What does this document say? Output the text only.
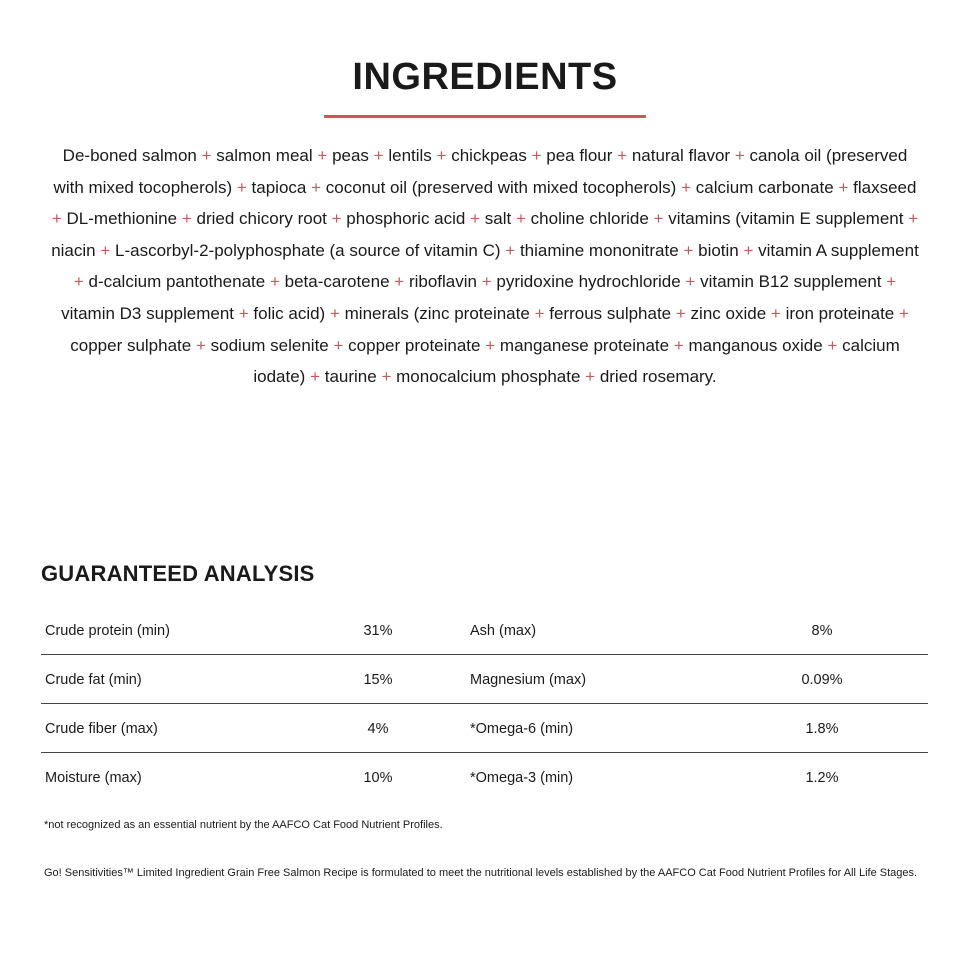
INGREDIENTS

De-boned salmon + salmon meal + peas + lentils + chickpeas + pea flour + natural flavor + canola oil (preserved with mixed tocopherols) + tapioca + coconut oil (preserved with mixed tocopherols) + calcium carbonate + flaxseed + DL-methionine + dried chicory root + phosphoric acid + salt + choline chloride + vitamins (vitamin E supplement + niacin + L-ascorbyl-2-polyphosphate (a source of vitamin C) + thiamine mononitrate + biotin + vitamin A supplement + d-calcium pantothenate + beta-carotene + riboflavin + pyridoxine hydrochloride + vitamin B12 supplement + vitamin D3 supplement + folic acid) + minerals (zinc proteinate + ferrous sulphate + zinc oxide + iron proteinate + copper sulphate + sodium selenite + copper proteinate + manganese proteinate + manganous oxide + calcium iodate) + taurine + monocalcium phosphate + dried rosemary.

GUARANTEED ANALYSIS
Crude protein (min)	31%	Ash (max)	8%
Crude fat (min)	15%	Magnesium (max)	0.09%
Crude fiber (max)	4%	*Omega-6 (min)	1.8%
Moisture (max)	10%	*Omega-3 (min)	1.2%

*not recognized as an essential nutrient by the AAFCO Cat Food Nutrient Profiles.

Go! Sensitivities™ Limited Ingredient Grain Free Salmon Recipe is formulated to meet the nutritional levels established by the AAFCO Cat Food Nutrient Profiles for All Life Stages.
